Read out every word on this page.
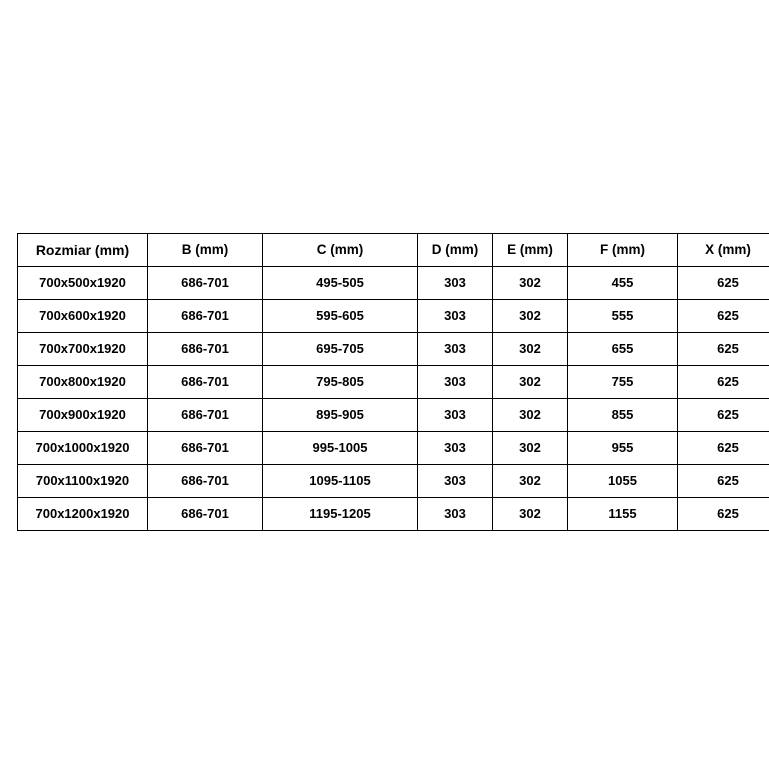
Rozmiar (mm)	B (mm)	C (mm)	D (mm)	E (mm)	F (mm)	X (mm)
700x500x1920	686-701	495-505	303	302	455	625
700x600x1920	686-701	595-605	303	302	555	625
700x700x1920	686-701	695-705	303	302	655	625
700x800x1920	686-701	795-805	303	302	755	625
700x900x1920	686-701	895-905	303	302	855	625
700x1000x1920	686-701	995-1005	303	302	955	625
700x1100x1920	686-701	1095-1105	303	302	1055	625
700x1200x1920	686-701	1195-1205	303	302	1155	625
